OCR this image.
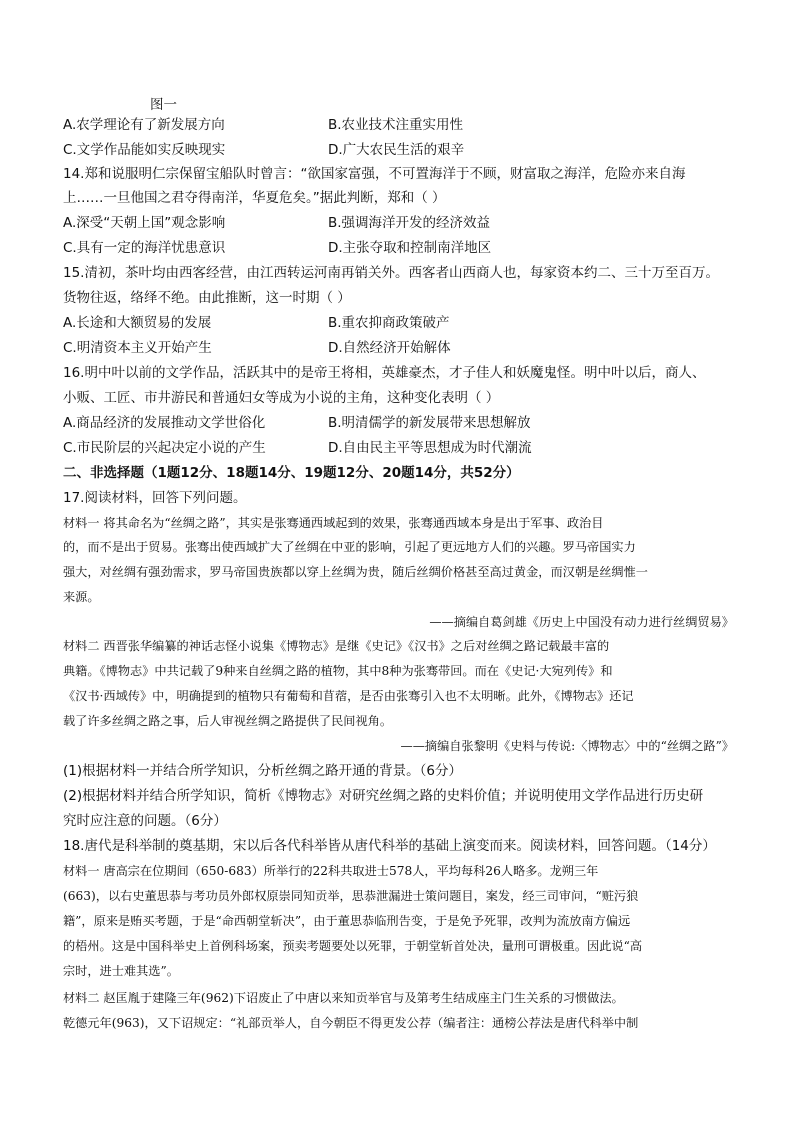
图一
A.农学理论有了新发展方向	B.农业技术注重实用性
C.文学作品能如实反映现实	D.广大农民生活的艰辛
14.郑和说服明仁宗保留宝船队时曾言：“欲国家富强，不可置海洋于不顾，财富取之海洋，危险亦来自海
上……一旦他国之君夺得南洋，华夏危矣。”据此判断，郑和（ ）
A.深受“天朝上国”观念影响	B.强调海洋开发的经济效益
C.具有一定的海洋忧患意识	D.主张夺取和控制南洋地区
15.清初，茶叶均由西客经营，由江西转运河南再销关外。西客者山西商人也，每家资本约二、三十万至百万。
货物往返，络绎不绝。由此推断，这一时期（ ）
A.长途和大额贸易的发展	B.重农抑商政策破产
C.明清资本主义开始产生	D.自然经济开始解体
16.明中叶以前的文学作品，活跃其中的是帝王将相，英雄豪杰，才子佳人和妖魔鬼怪。明中叶以后，商人、
小贩、工匠、市井游民和普通妇女等成为小说的主角，这种变化表明（ ）
A.商品经济的发展推动文学世俗化	B.明清儒学的新发展带来思想解放
C.市民阶层的兴起决定小说的产生	D.自由民主平等思想成为时代潮流
二、非选择题（1题12分、18题14分、19题12分、20题14分，共52分）
17.阅读材料，回答下列问题。
材料一 将其命名为“丝绸之路”，其实是张骞通西域起到的效果，张骞通西域本身是出于军事、政治目
的，而不是出于贸易。张骞出使西域扩大了丝绸在中亚的影响，引起了更远地方人们的兴趣。罗马帝国实力
强大，对丝绸有强劲需求，罗马帝国贵族都以穿上丝绸为贵，随后丝绸价格甚至高过黄金，而汉朝是丝绸惟一
来源。
——摘编自葛剑雄《历史上中国没有动力进行丝绸贸易》
材料二 西晋张华编纂的神话志怪小说集《博物志》是继《史记》《汉书》之后对丝绸之路记载最丰富的
典籍。《博物志》中共记载了9种来自丝绸之路的植物，其中8种为张骞带回。而在《史记·大宛列传》和
《汉书·西域传》中，明确提到的植物只有葡萄和苜蓿，是否由张骞引入也不太明晰。此外，《博物志》还记
载了许多丝绸之路之事，后人审视丝绸之路提供了民间视角。
——摘编自张黎明《史料与传说:〈博物志〉中的“丝绸之路”》
(1)根据材料一并结合所学知识，分析丝绸之路开通的背景。（6分）
(2)根据材料并结合所学知识，简析《博物志》对研究丝绸之路的史料价值；并说明使用文学作品进行历史研
究时应注意的问题。（6分）
18.唐代是科举制的奠基期，宋以后各代科举皆从唐代科举的基础上演变而来。阅读材料，回答问题。（14分）
材料一 唐高宗在位期间（650-683）所举行的22科共取进士578人，平均每科26人略多。龙朔三年
(663)，以右史董思恭与考功员外郎权原崇同知贡举，思恭泄漏进士策问题目，案发，经三司审问，“赃污狼
籍”，原来是贿买考题，于是“命西朝堂斩决”，由于董思恭临刑告变，于是免予死罪，改判为流放南方偏远
的梧州。这是中国科举史上首例科场案，预卖考题要处以死罪，于朝堂斩首处决，量刑可谓极重。因此说“高
宗时，进士难其选”。
材料二 赵匡胤于建隆三年(962)下诏废止了中唐以来知贡举官与及第考生结成座主门生关系的习惯做法。
乾德元年(963)，又下诏规定：“礼部贡举人，自今朝臣不得更发公荐（编者注：通榜公荐法是唐代科举中制
